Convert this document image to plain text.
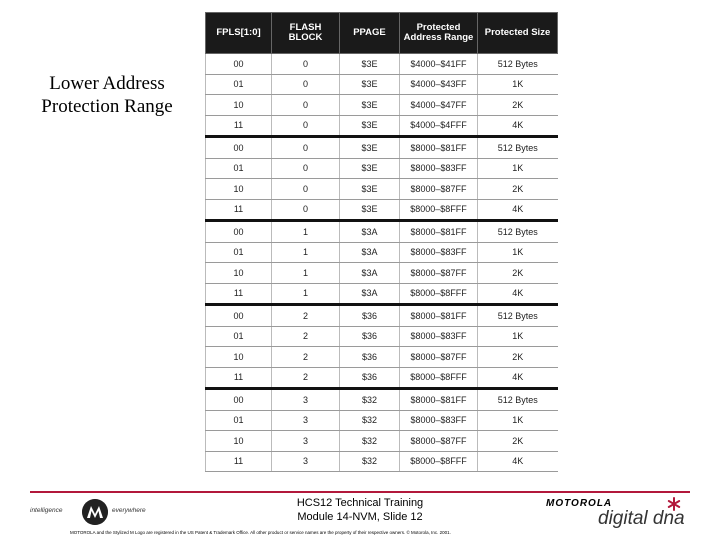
Lower Address
Protection Range
FPLS[1:0]	FLASH BLOCK	PPAGE	Protected Address Range	Protected Size
00	0	$3E	$4000–$41FF	512 Bytes
01	0	$3E	$4000–$43FF	1K
10	0	$3E	$4000–$47FF	2K
11	0	$3E	$4000–$4FFF	4K
00	0	$3E	$8000–$81FF	512 Bytes
01	0	$3E	$8000–$83FF	1K
10	0	$3E	$8000–$87FF	2K
11	0	$3E	$8000–$8FFF	4K
00	1	$3A	$8000–$81FF	512 Bytes
01	1	$3A	$8000–$83FF	1K
10	1	$3A	$8000–$87FF	2K
11	1	$3A	$8000–$8FFF	4K
00	2	$36	$8000–$81FF	512 Bytes
01	2	$36	$8000–$83FF	1K
10	2	$36	$8000–$87FF	2K
11	2	$36	$8000–$8FFF	4K
00	3	$32	$8000–$81FF	512 Bytes
01	3	$32	$8000–$83FF	1K
10	3	$32	$8000–$87FF	2K
11	3	$32	$8000–$8FFF	4K
intelligence	everywhere
HCS12 Technical Training
Module 14-NVM, Slide 12
MOTOROLA
digital dna
MOTOROLA and the Stylized M Logo are registered in the US Patent & Trademark Office. All other product or service names are the property of their respective owners. © Motorola, Inc. 2001.
